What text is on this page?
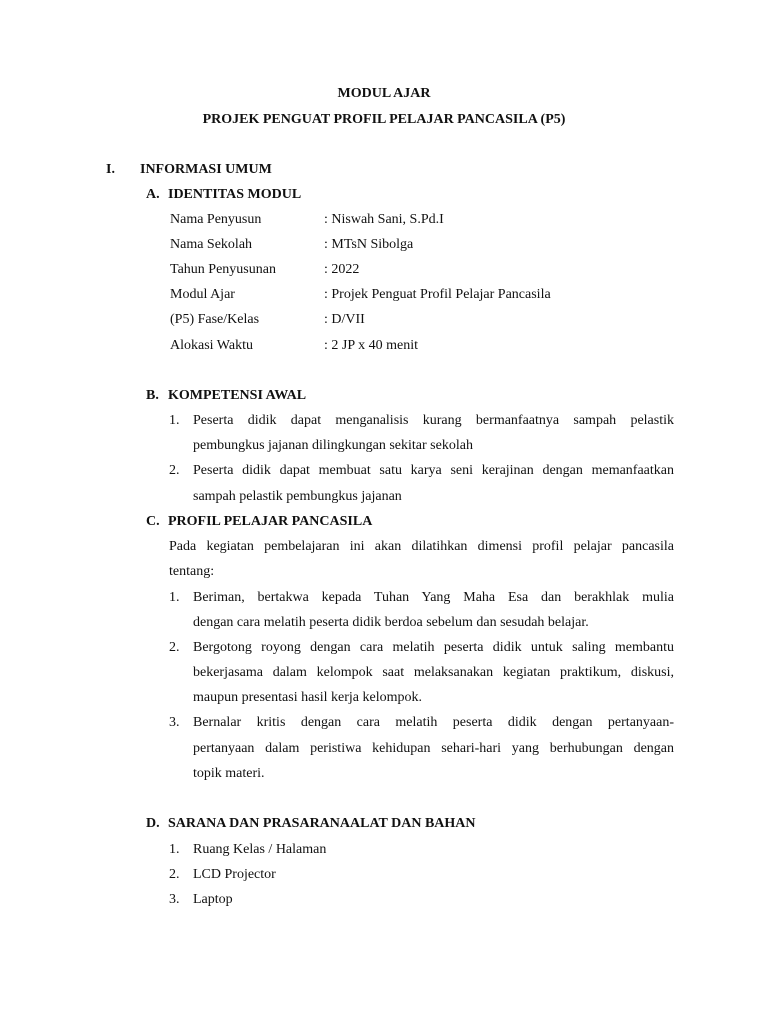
MODUL AJAR
PROJEK PENGUAT PROFIL PELAJAR PANCASILA (P5)
I. INFORMASI UMUM
A. IDENTITAS MODUL
Nama Penyusun	: Niswah Sani, S.Pd.I
Nama Sekolah	: MTsN Sibolga
Tahun Penyusunan	: 2022
Modul Ajar	: Projek Penguat Profil Pelajar Pancasila
(P5) Fase/Kelas	: D/VII
Alokasi Waktu	: 2 JP x 40 menit
B. KOMPETENSI AWAL
1. Peserta didik dapat menganalisis kurang bermanfaatnya sampah pelastik
pembungkus jajanan dilingkungan sekitar sekolah
2. Peserta didik dapat membuat satu karya seni kerajinan dengan memanfaatkan
sampah pelastik pembungkus jajanan
C. PROFIL PELAJAR PANCASILA
Pada kegiatan pembelajaran ini akan dilatihkan dimensi profil pelajar pancasila
tentang:
1. Beriman, bertakwa kepada Tuhan Yang Maha Esa dan berakhlak mulia
dengan cara melatih peserta didik berdoa sebelum dan sesudah belajar.
2. Bergotong royong dengan cara melatih peserta didik untuk saling membantu
bekerjasama dalam kelompok saat melaksanakan kegiatan praktikum, diskusi,
maupun presentasi hasil kerja kelompok.
3. Bernalar kritis dengan cara melatih peserta didik dengan pertanyaan-
pertanyaan dalam peristiwa kehidupan sehari-hari yang berhubungan dengan
topik materi.
D. SARANA DAN PRASARANAALAT DAN BAHAN
1. Ruang Kelas / Halaman
2. LCD Projector
3. Laptop
